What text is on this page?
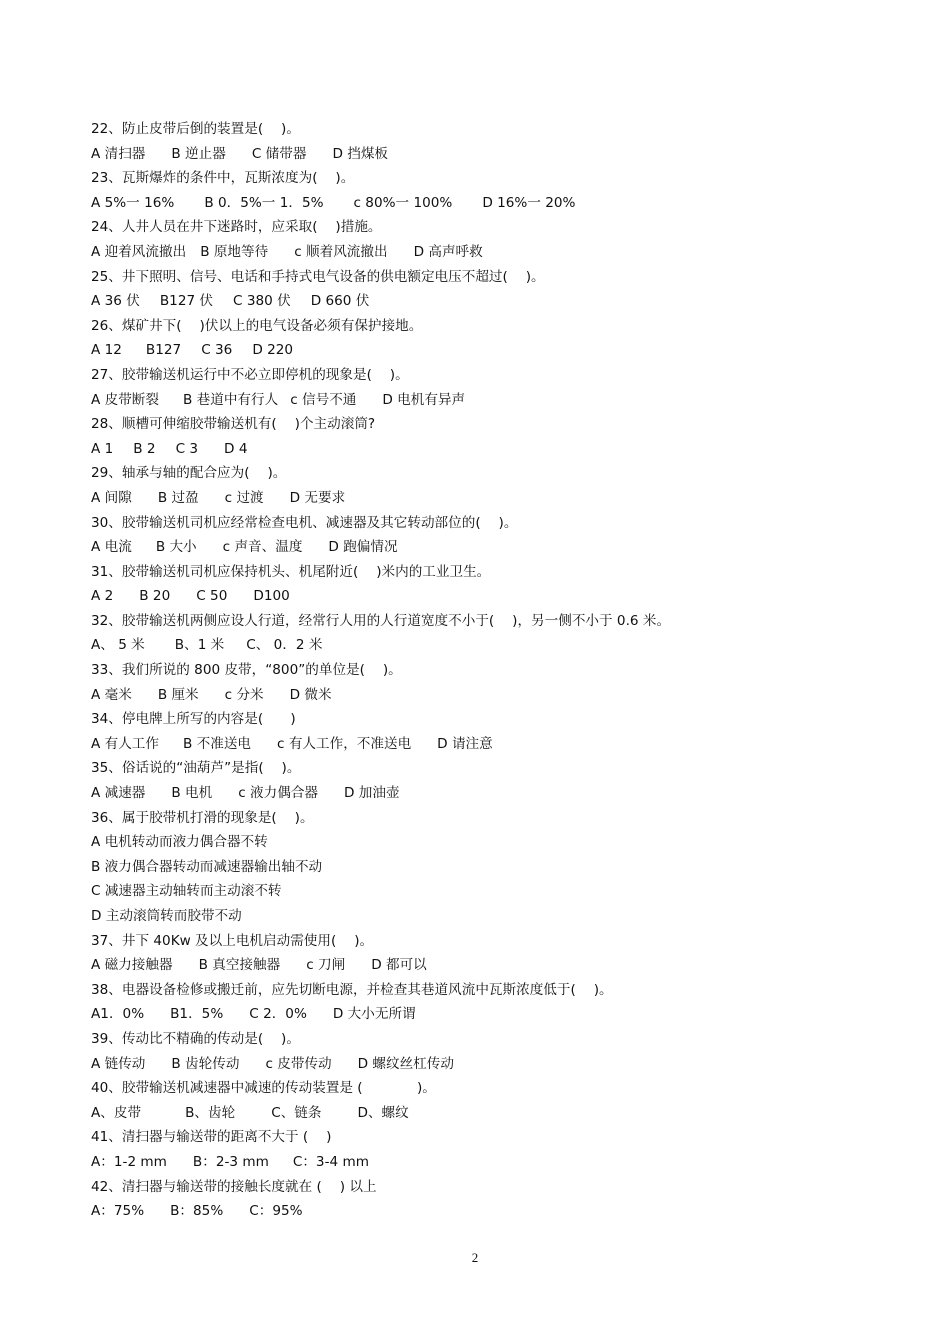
22、防止皮带后倒的装置是(　 )。
A 清扫器 B 逆止器 C 储带器 D 挡煤板
23、瓦斯爆炸的条件中，瓦斯浓度为(　 )。
A 5%一 16% B 0．5%一 1．5% c 80%一 100% D 16%一 20%
24、人井人员在井下迷路时，应采取(　 )措施。
A 迎着风流撤出 B 原地等待 c 顺着风流撤出 D 高声呼救
25、井下照明、信号、电话和手持式电气设备的供电额定电压不超过(　 )。
A 36 伏 B127 伏 C 380 伏 D 660 伏
26、煤矿井下(　 )伏以上的电气设备必须有保护接地。
A 12 B127 C 36 D 220
27、胶带输送机运行中不必立即停机的现象是(　 )。
A 皮带断裂 B 巷道中有行人 c 信号不通 D 电机有异声
28、顺槽可伸缩胶带输送机有(　 )个主动滚筒?
A 1 B 2 C 3 D 4
29、轴承与轴的配合应为(　 )。
A 间隙 B 过盈 c 过渡 D 无要求
30、胶带输送机司机应经常检查电机、减速器及其它转动部位的(　 )。
A 电流 B 大小 c 声音、温度 D 跑偏情况
31、胶带输送机司机应保持机头、机尾附近(　 )米内的工业卫生。
A 2 B 20 C 50 D100
32、胶带输送机两侧应设人行道，经常行人用的人行道宽度不小于(　 )，另一侧不小于 0.6 米。
A、 5 米 B、1 米 C、 0．2 米
33、我们所说的 800 皮带，“800”的单位是(　 )。
A 毫米 B 厘米 c 分米 D 微米
34、停电牌上所写的内容是(　　)
A 有人工作 B 不准送电 c 有人工作，不准送电 D 请注意
35、俗话说的“油葫芦”是指(　 )。
A 减速器 B 电机 c 液力偶合器 D 加油壶
36、属于胶带机打滑的现象是(　 )。
A 电机转动而液力偶合器不转
B 液力偶合器转动而减速器输出轴不动
C 减速器主动轴转而主动滚不转
D 主动滚筒转而胶带不动
37、井下 40Kw 及以上电机启动需使用(　 )。
A 磁力接触器 B 真空接触器 c 刀闸 D 都可以
38、电器设备检修或搬迁前，应先切断电源，并检查其巷道风流中瓦斯浓度低于(　 )。
A1．0% B1．5% C 2．0% D 大小无所谓
39、传动比不精确的传动是(　 )。
A 链传动 B 齿轮传动 c 皮带传动 D 螺纹丝杠传动
40、胶带输送机减速器中减速的传动装置是 (　　　　)。
A、皮带	B、齿轮	C、链条	D、螺纹
41、清扫器与输送带的距离不大于 (　 )
A：1-2 mm B：2-3 mm C：3-4 mm
42、清扫器与输送带的接触长度就在 (　 ) 以上
A：75% B：85% C：95%
2
